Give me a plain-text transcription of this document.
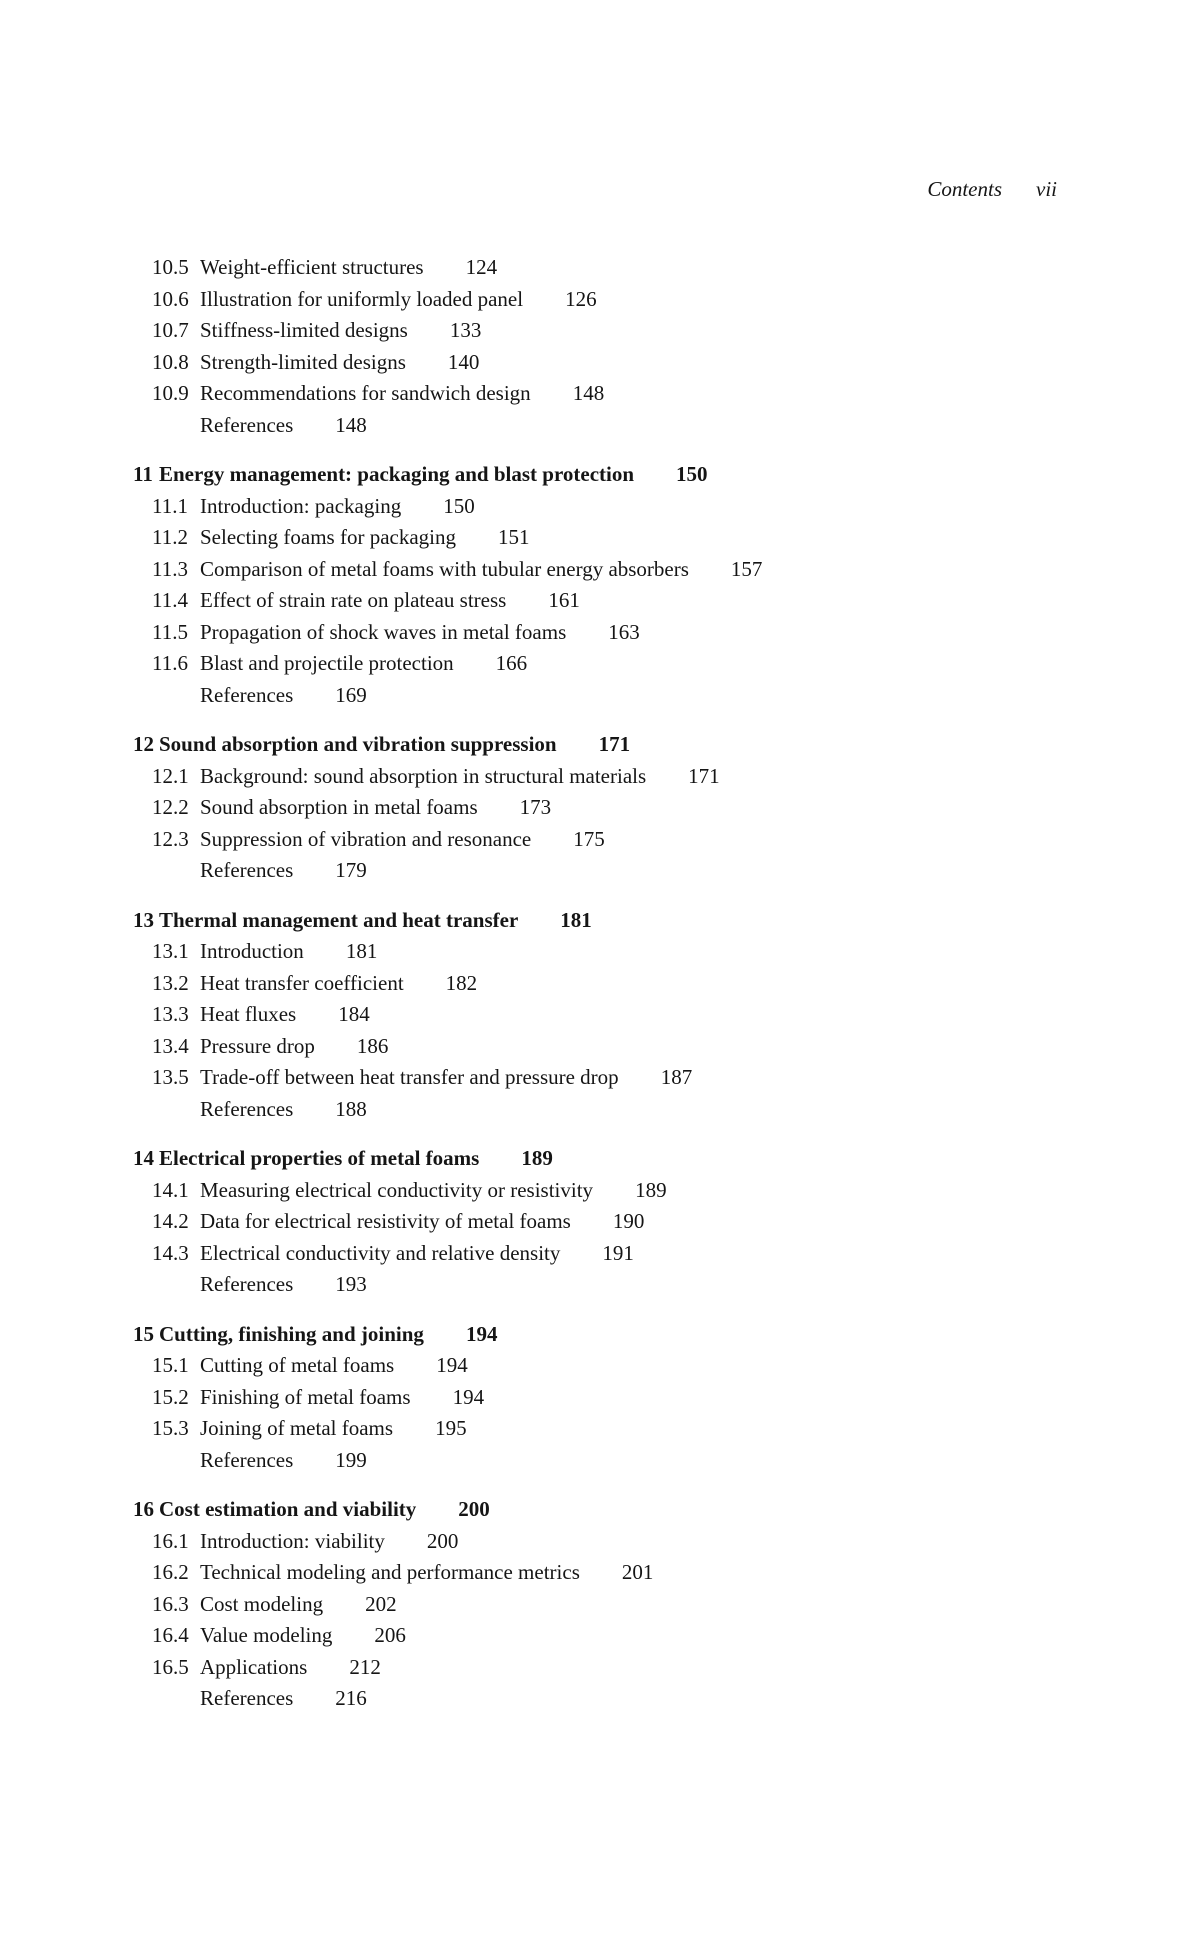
Contents vii
10.5 Weight-efficient structures 124
10.6 Illustration for uniformly loaded panel 126
10.7 Stiffness-limited designs 133
10.8 Strength-limited designs 140
10.9 Recommendations for sandwich design 148
References 148
11 Energy management: packaging and blast protection 150
11.1 Introduction: packaging 150
11.2 Selecting foams for packaging 151
11.3 Comparison of metal foams with tubular energy absorbers 157
11.4 Effect of strain rate on plateau stress 161
11.5 Propagation of shock waves in metal foams 163
11.6 Blast and projectile protection 166
References 169
12 Sound absorption and vibration suppression 171
12.1 Background: sound absorption in structural materials 171
12.2 Sound absorption in metal foams 173
12.3 Suppression of vibration and resonance 175
References 179
13 Thermal management and heat transfer 181
13.1 Introduction 181
13.2 Heat transfer coefficient 182
13.3 Heat fluxes 184
13.4 Pressure drop 186
13.5 Trade-off between heat transfer and pressure drop 187
References 188
14 Electrical properties of metal foams 189
14.1 Measuring electrical conductivity or resistivity 189
14.2 Data for electrical resistivity of metal foams 190
14.3 Electrical conductivity and relative density 191
References 193
15 Cutting, finishing and joining 194
15.1 Cutting of metal foams 194
15.2 Finishing of metal foams 194
15.3 Joining of metal foams 195
References 199
16 Cost estimation and viability 200
16.1 Introduction: viability 200
16.2 Technical modeling and performance metrics 201
16.3 Cost modeling 202
16.4 Value modeling 206
16.5 Applications 212
References 216
